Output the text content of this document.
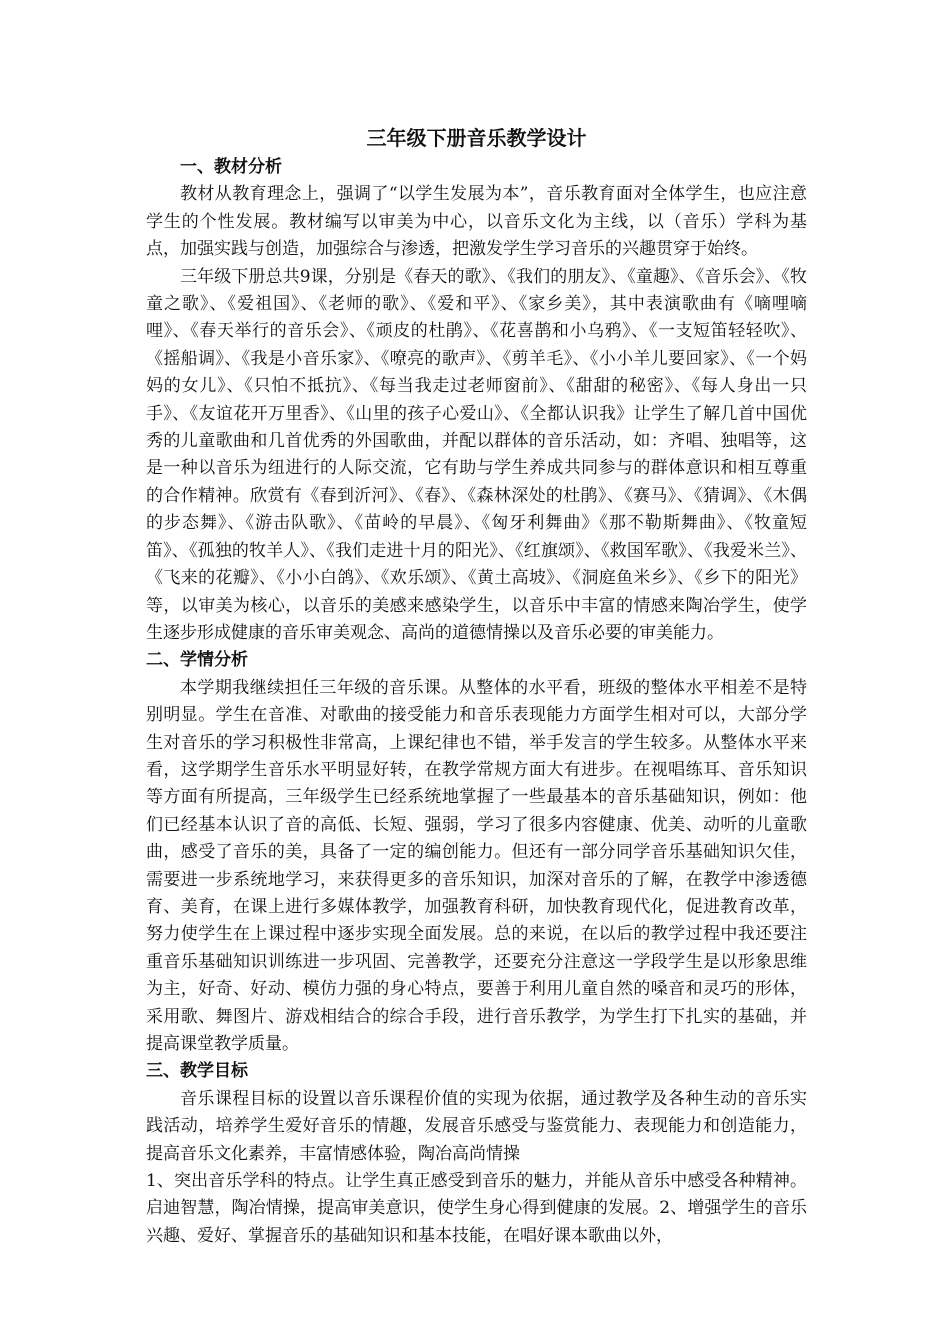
三年级下册音乐教学设计
一、教材分析

教材从教育理念上，强调了“以学生发展为本”，音乐教育面对全体学生，也应注意学生的个性发展。教材编写以审美为中心，以音乐文化为主线，以（音乐）学科为基点，加强实践与创造，加强综合与渗透，把激发学生学习音乐的兴趣贯穿于始终。

三年级下册总共9课，分别是《春天的歌》、《我们的朋友》、《童趣》、《音乐会》、《牧童之歌》、《爱祖国》、《老师的歌》、《爱和平》、《家乡美》，其中表演歌曲有《嘀哩嘀哩》、《春天举行的音乐会》、《顽皮的杜鹃》、《花喜鹊和小乌鸦》、《一支短笛轻轻吹》、《摇船调》、《我是小音乐家》、《嘹亮的歌声》、《剪羊毛》、《小小羊儿要回家》、《一个妈妈的女儿》、《只怕不抵抗》、《每当我走过老师窗前》、《甜甜的秘密》、《每人身出一只手》、《友谊花开万里香》、《山里的孩子心爱山》、《全都认识我》让学生了解几首中国优秀的儿童歌曲和几首优秀的外国歌曲，并配以群体的音乐活动，如：齐唱、独唱等，这是一种以音乐为纽进行的人际交流，它有助与学生养成共同参与的群体意识和相互尊重的合作精神。欣赏有《春到沂河》、《春》、《森林深处的杜鹃》、《赛马》、《猜调》、《木偶的步态舞》、《游击队歌》、《苗岭的早晨》、《匈牙利舞曲》《那不勒斯舞曲》、《牧童短笛》、《孤独的牧羊人》、《我们走进十月的阳光》、《红旗颂》、《救国军歌》、《我爱米兰》、《飞来的花瓣》、《小小白鸽》、《欢乐颂》、《黄土高坡》、《洞庭鱼米乡》、《乡下的阳光》等，以审美为核心，以音乐的美感来感染学生，以音乐中丰富的情感来陶冶学生，使学生逐步形成健康的音乐审美观念、高尚的道德情操以及音乐必要的审美能力。

二、学情分析

本学期我继续担任三年级的音乐课。从整体的水平看，班级的整体水平相差不是特别明显。学生在音准、对歌曲的接受能力和音乐表现能力方面学生相对可以，大部分学生对音乐的学习积极性非常高，上课纪律也不错，举手发言的学生较多。从整体水平来看，这学期学生音乐水平明显好转，在教学常规方面大有进步。在视唱练耳、音乐知识等方面有所提高，三年级学生已经系统地掌握了一些最基本的音乐基础知识，例如：他们已经基本认识了音的高低、长短、强弱，学习了很多内容健康、优美、动听的儿童歌曲，感受了音乐的美，具备了一定的编创能力。但还有一部分同学音乐基础知识欠佳，需要进一步系统地学习，来获得更多的音乐知识，加深对音乐的了解，在教学中渗透德育、美育，在课上进行多媒体教学，加强教育科研，加快教育现代化，促进教育改革，努力使学生在上课过程中逐步实现全面发展。总的来说，在以后的教学过程中我还要注重音乐基础知识训练进一步巩固、完善教学，还要充分注意这一学段学生是以形象思维为主，好奇、好动、模仿力强的身心特点，要善于利用儿童自然的嗓音和灵巧的形体，采用歌、舞图片、游戏相结合的综合手段，进行音乐教学，为学生打下扎实的基础，并提高课堂教学质量。

三、教学目标

音乐课程目标的设置以音乐课程价值的实现为依据，通过教学及各种生动的音乐实践活动，培养学生爱好音乐的情趣，发展音乐感受与鉴赏能力、表现能力和创造能力，提高音乐文化素养，丰富情感体验，陶冶高尚情操

1、突出音乐学科的特点。让学生真正感受到音乐的魅力，并能从音乐中感受各种精神。启迪智慧，陶冶情操，提高审美意识，使学生身心得到健康的发展。2、增强学生的音乐兴趣、爱好、掌握音乐的基础知识和基本技能，在唱好课本歌曲以外，
